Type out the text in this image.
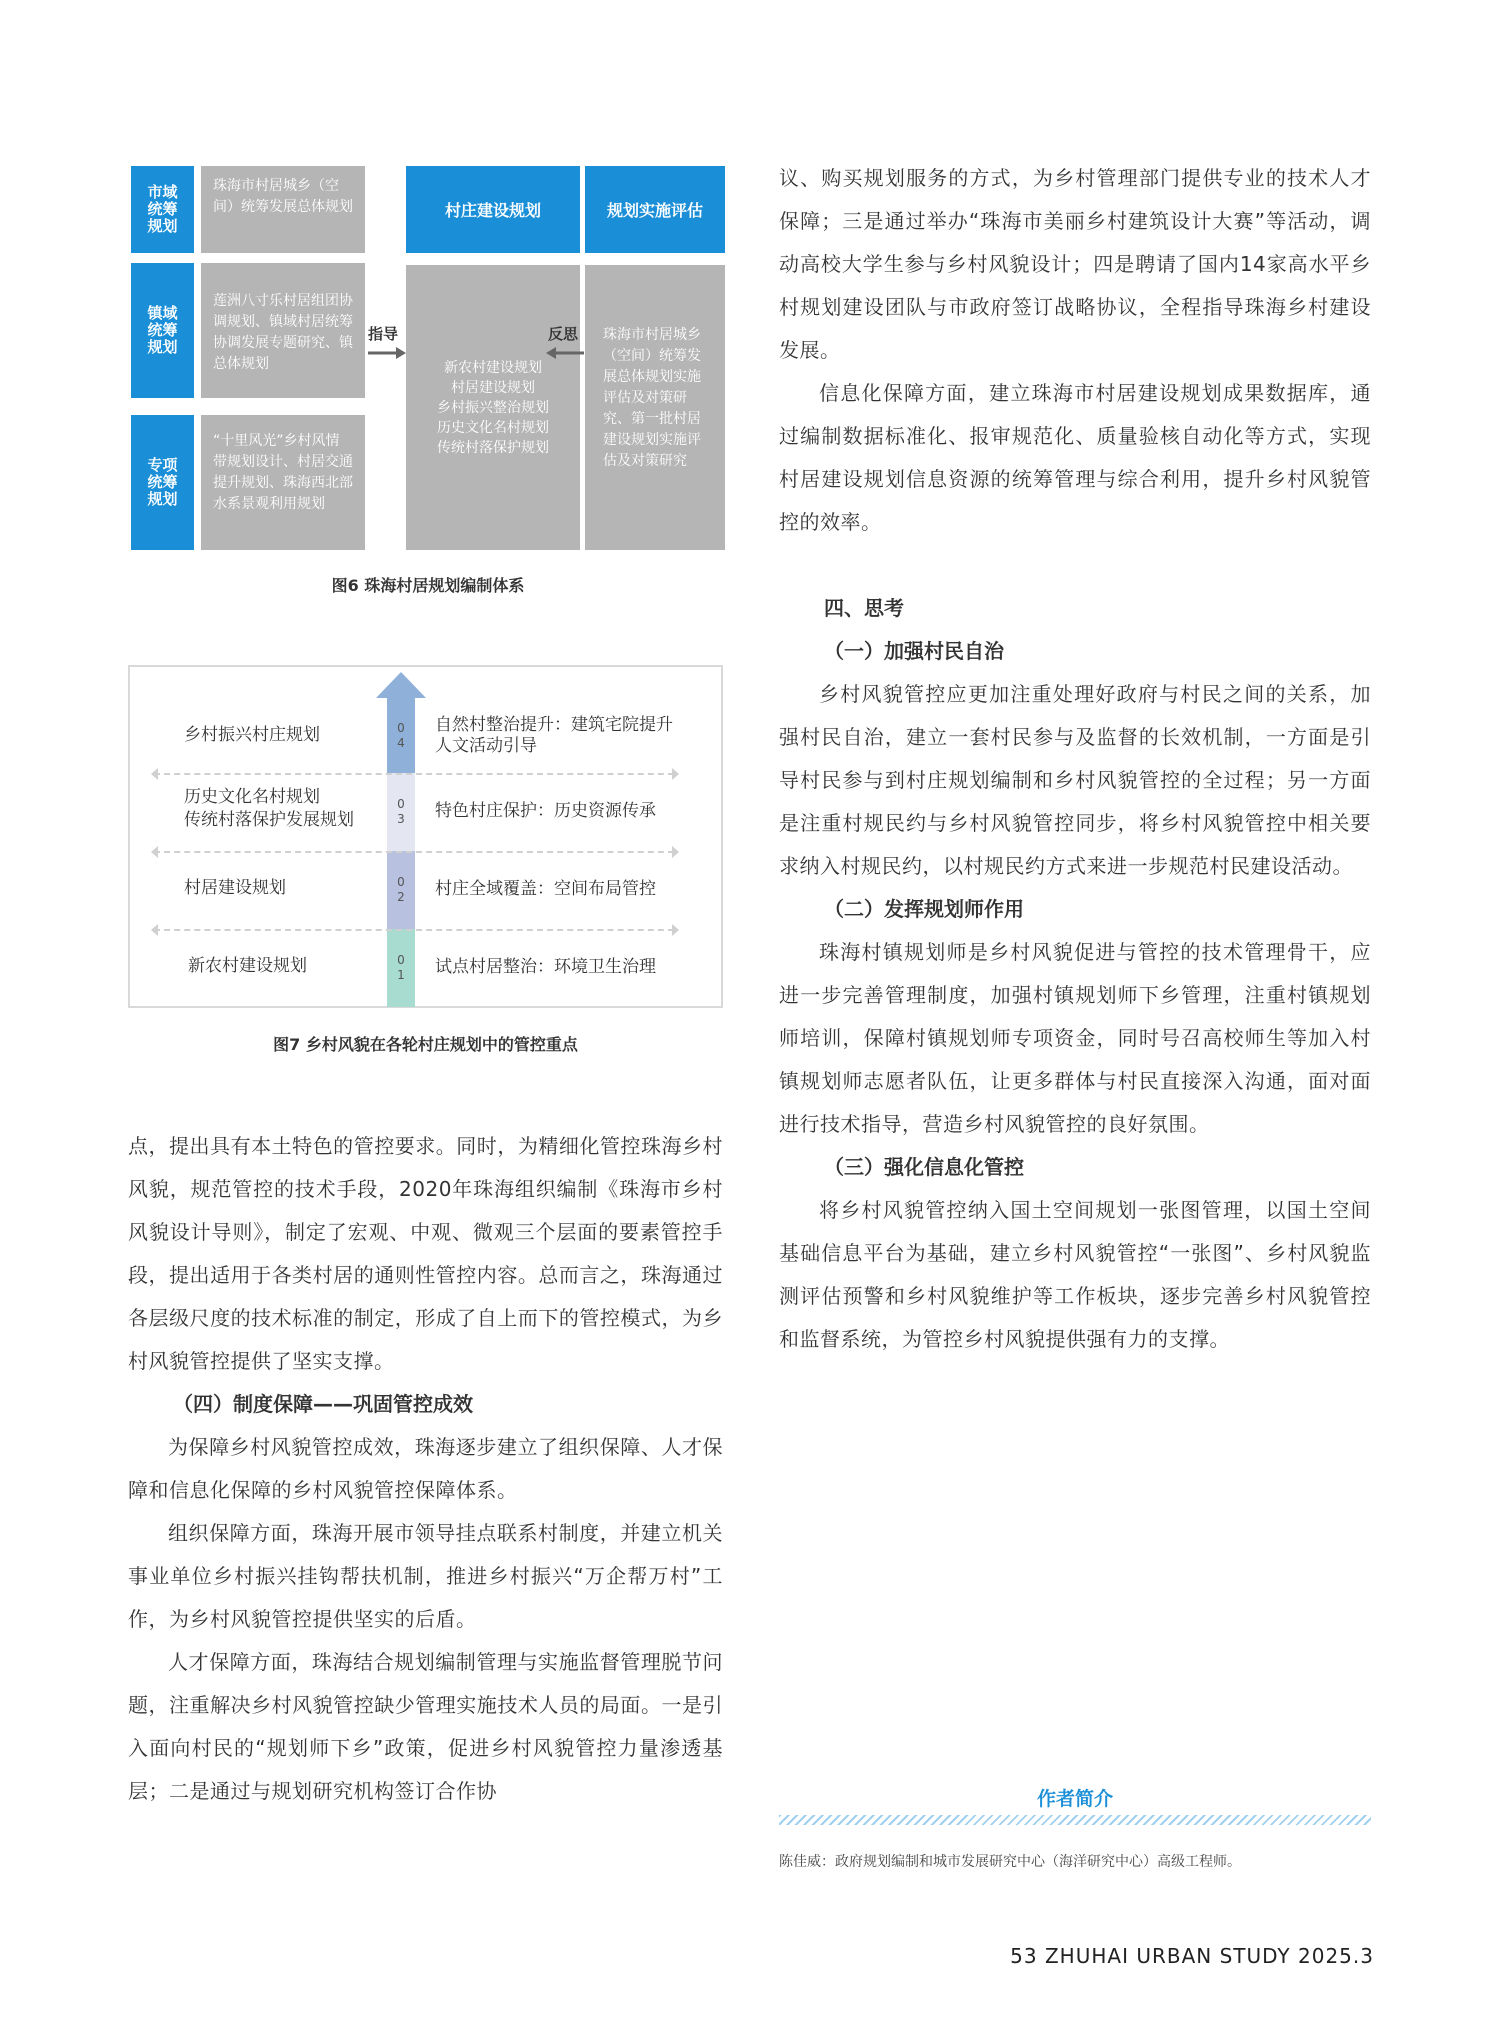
市域
统筹
规划
镇域
统筹
规划
专项
统筹
规划
珠海市村居城乡（空间）统筹发展总体规划
莲洲八寸乐村居组团协调规划、镇域村居统筹协调发展专题研究、镇总体规划
“十里风光”乡村风情带规划设计、村居交通提升规划、珠海西北部水系景观利用规划
指导
村庄建设规划
新农村建设规划
村居建设规划
乡村振兴整治规划
历史文化名村规划
传统村落保护规划
反思
规划实施评估
珠海市村居城乡（空间）统筹发展总体规划实施评估及对策研究、第一批村居建设规划实施评估及对策研究
图6 珠海村居规划编制体系
0
4
0
3
0
2
0
1
乡村振兴村庄规划
历史文化名村规划
传统村落保护发展规划
村居建设规划
新农村建设规划
自然村整治提升：建筑宅院提升
人文活动引导
特色村庄保护：历史资源传承
村庄全域覆盖：空间布局管控
试点村居整治：环境卫生治理
图7 乡村风貌在各轮村庄规划中的管控重点

点，提出具有本土特色的管控要求。同时，为精细化管控珠海乡村风貌，规范管控的技术手段，2020年珠海组织编制《珠海市乡村风貌设计导则》，制定了宏观、中观、微观三个层面的要素管控手段，提出适用于各类村居的通则性管控内容。总而言之，珠海通过各层级尺度的技术标准的制定，形成了自上而下的管控模式，为乡村风貌管控提供了坚实支撑。

（四）制度保障——巩固管控成效

为保障乡村风貌管控成效，珠海逐步建立了组织保障、人才保障和信息化保障的乡村风貌管控保障体系。

组织保障方面，珠海开展市领导挂点联系村制度，并建立机关事业单位乡村振兴挂钩帮扶机制，推进乡村振兴“万企帮万村”工作，为乡村风貌管控提供坚实的后盾。

人才保障方面，珠海结合规划编制管理与实施监督管理脱节问题，注重解决乡村风貌管控缺少管理实施技术人员的局面。一是引入面向村民的“规划师下乡”政策，促进乡村风貌管控力量渗透基层；二是通过与规划研究机构签订合作协

议、购买规划服务的方式，为乡村管理部门提供专业的技术人才保障；三是通过举办“珠海市美丽乡村建筑设计大赛”等活动，调动高校大学生参与乡村风貌设计；四是聘请了国内14家高水平乡村规划建设团队与市政府签订战略协议，全程指导珠海乡村建设发展。

信息化保障方面，建立珠海市村居建设规划成果数据库，通过编制数据标准化、报审规范化、质量验核自动化等方式，实现村居建设规划信息资源的统筹管理与综合利用，提升乡村风貌管控的效率。

四、思考

（一）加强村民自治

乡村风貌管控应更加注重处理好政府与村民之间的关系，加强村民自治，建立一套村民参与及监督的长效机制，一方面是引导村民参与到村庄规划编制和乡村风貌管控的全过程；另一方面是注重村规民约与乡村风貌管控同步，将乡村风貌管控中相关要求纳入村规民约，以村规民约方式来进一步规范村民建设活动。

（二）发挥规划师作用

珠海村镇规划师是乡村风貌促进与管控的技术管理骨干，应进一步完善管理制度，加强村镇规划师下乡管理，注重村镇规划师培训，保障村镇规划师专项资金，同时号召高校师生等加入村镇规划师志愿者队伍，让更多群体与村民直接深入沟通，面对面进行技术指导，营造乡村风貌管控的良好氛围。

（三）强化信息化管控

将乡村风貌管控纳入国土空间规划一张图管理，以国土空间基础信息平台为基础，建立乡村风貌管控“一张图”、乡村风貌监测评估预警和乡村风貌维护等工作板块，逐步完善乡村风貌管控和监督系统，为管控乡村风貌提供强有力的支撑。

作者简介
陈佳威：政府规划编制和城市发展研究中心（海洋研究中心）高级工程师。
53 ZHUHAI URBAN STUDY 2025.3
